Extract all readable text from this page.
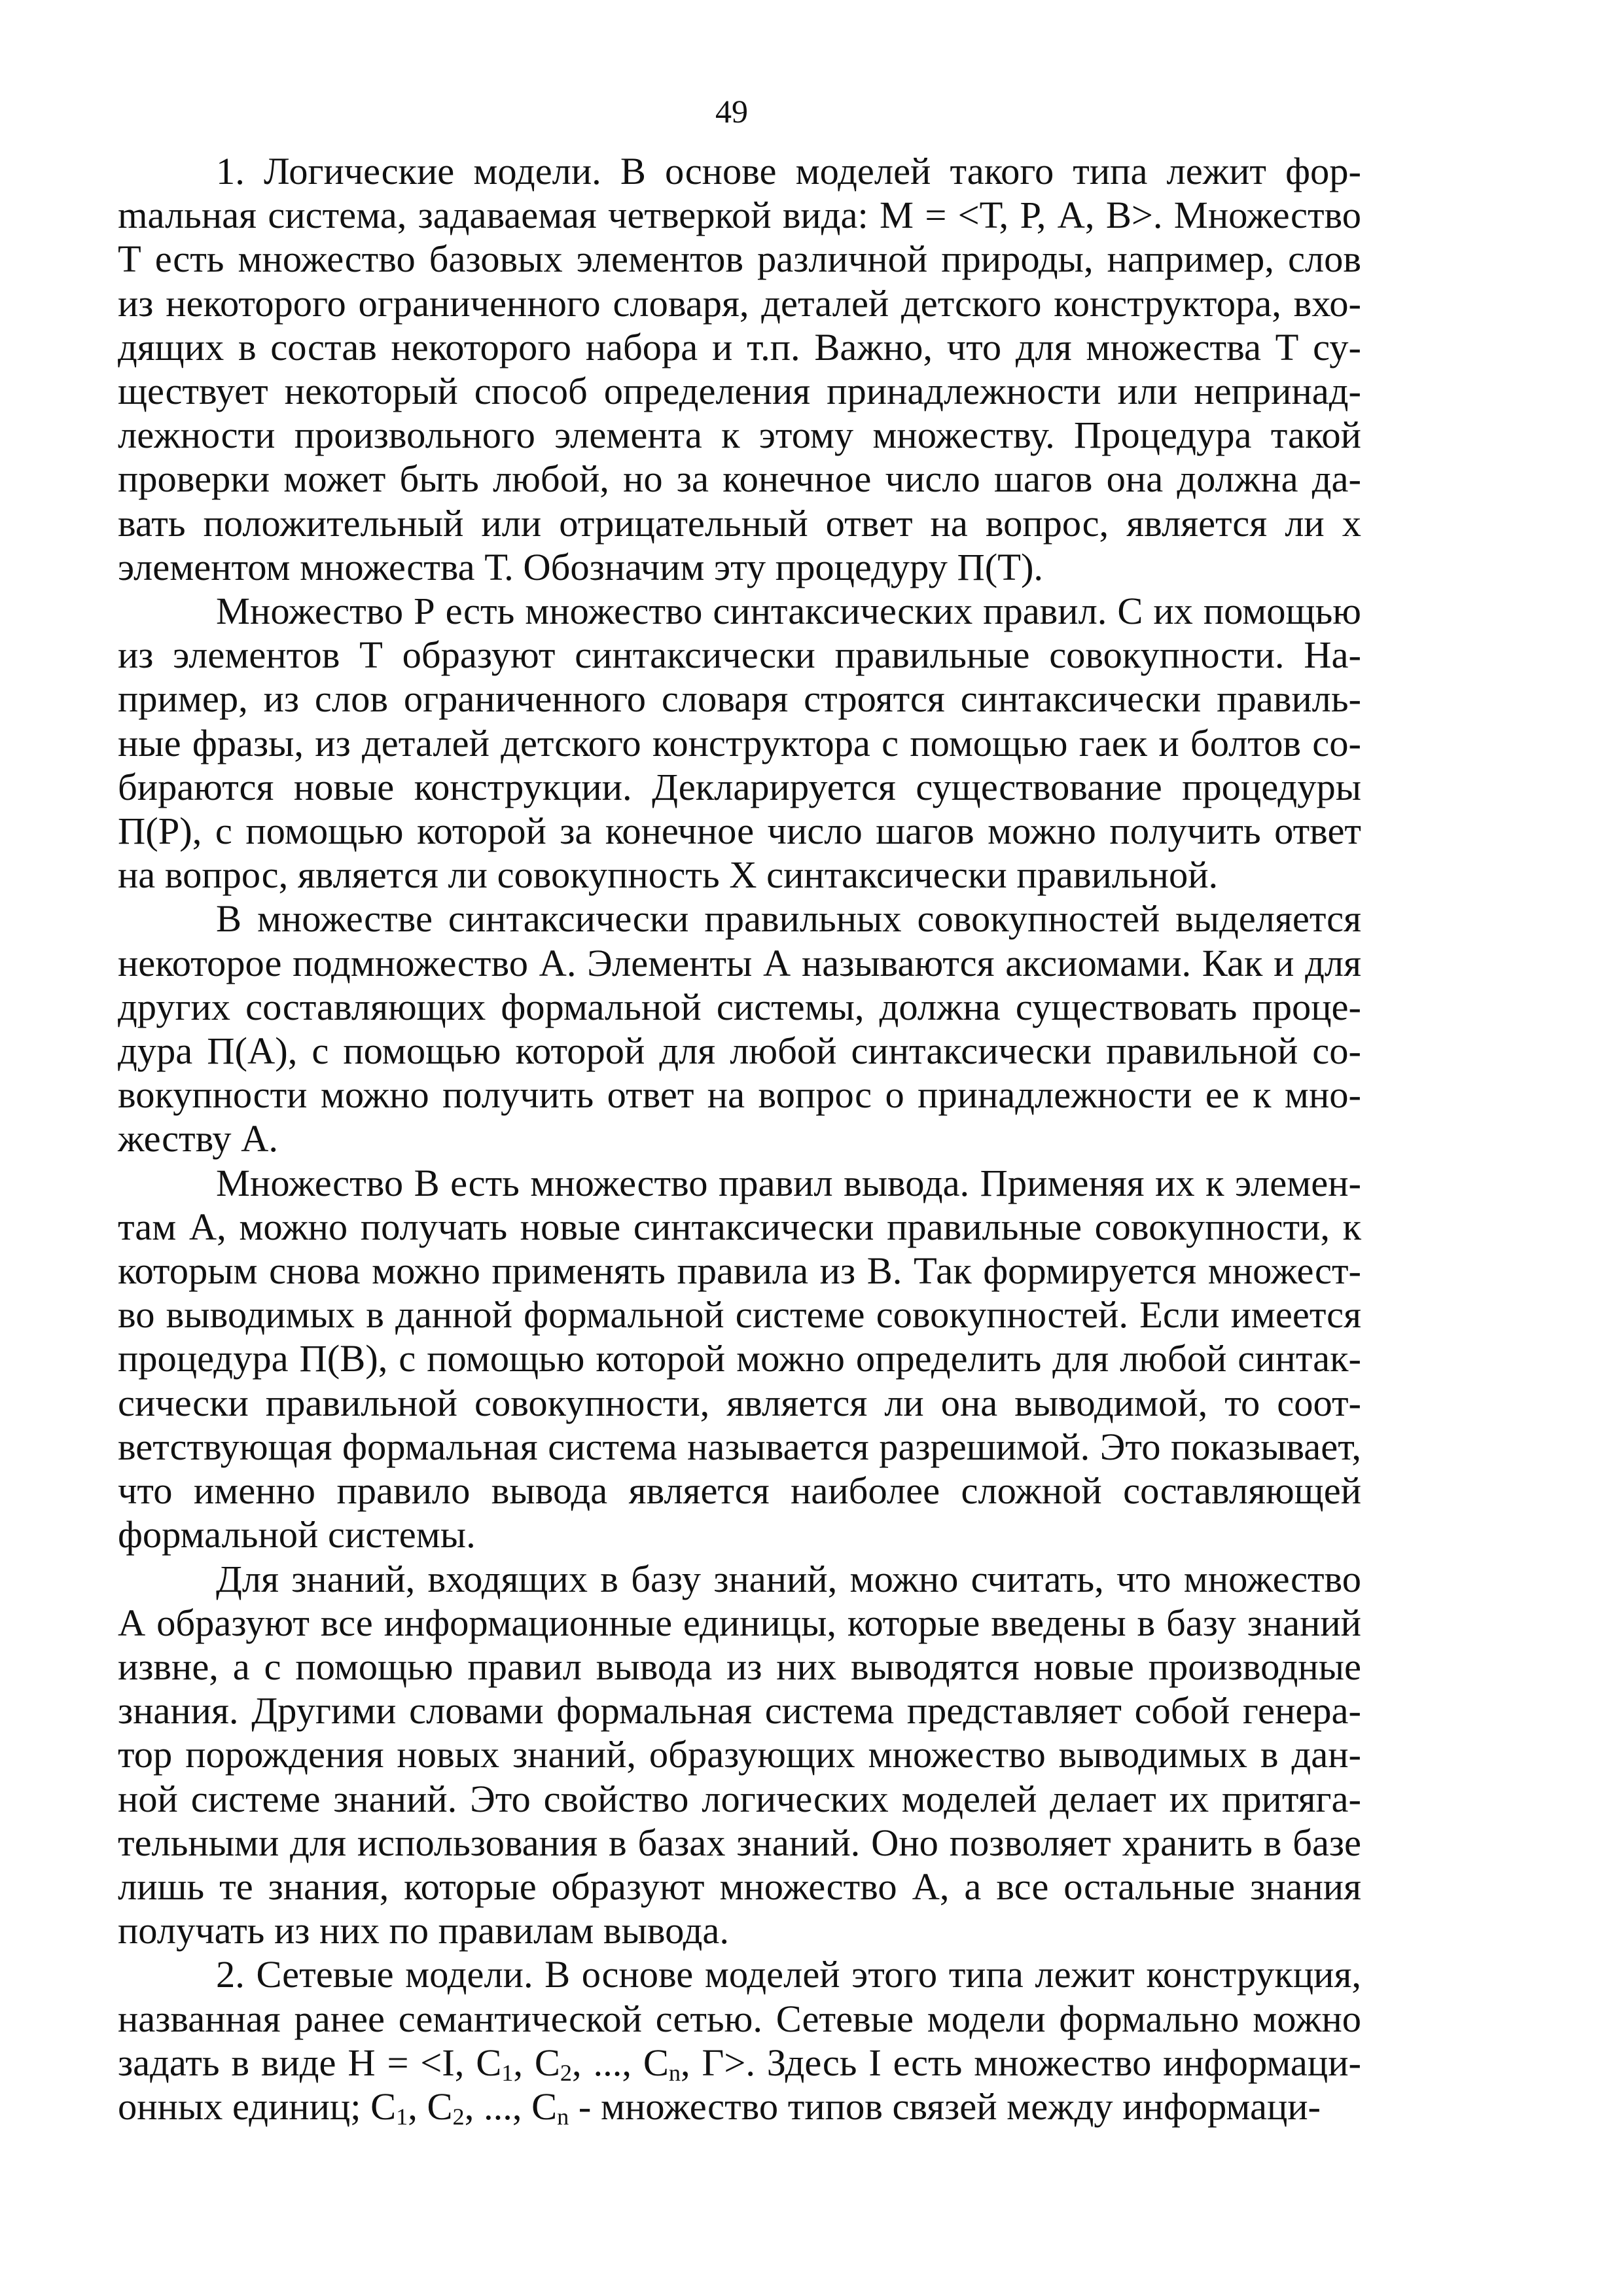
49

1. Логические модели. В основе моделей такого типа лежит форmальная система, задаваемая четверкой вида: М = <Т, Р, А, В>. Множество Т есть множество базовых элементов различной природы, например, слов из некоторого ограниченного словаря, деталей детского конструктора, входящих в состав некоторого набора и т.п. Важно, что для множества Т существует некоторый способ определения принадлежности или непринадлежности произвольного элемента к этому множеству. Процедура такой проверки может быть любой, но за конечное число шагов она должна давать положительный или отрицательный ответ на вопрос, является ли х элементом множества Т. Обозначим эту процедуру П(Т).

Множество Р есть множество синтаксических правил. С их помощью из элементов Т образуют синтаксически правильные совокупности. Например, из слов ограниченного словаря строятся синтаксически правильные фразы, из деталей детского конструктора с помощью гаек и болтов собираются новые конструкции. Декларируется существование процедуры П(Р), с помощью которой за конечное число шагов можно получить ответ на вопрос, является ли совокупность Х синтаксически правильной.

В множестве синтаксически правильных совокупностей выделяется некоторое подмножество А. Элементы А называются аксиомами. Как и для других составляющих формальной системы, должна существовать процедура П(А), с помощью которой для любой синтаксически правильной совокупности можно получить ответ на вопрос о принадлежности ее к множеству А.

Множество В есть множество правил вывода. Применяя их к элементам А, можно получать новые синтаксически правильные совокупности, к которым снова можно применять правила из В. Так формируется множество выводимых в данной формальной системе совокупностей. Если имеется процедура П(В), с помощью которой можно определить для любой синтаксически правильной совокупности, является ли она выводимой, то соответствующая формальная система называется разрешимой. Это показывает, что именно правило вывода является наиболее сложной составляющей формальной системы.

Для знаний, входящих в базу знаний, можно считать, что множество А образуют все информационные единицы, которые введены в базу знаний извне, а с помощью правил вывода из них выводятся новые производные знания. Другими словами формальная система представляет собой генератор порождения новых знаний, образующих множество выводимых в данной системе знаний. Это свойство логических моделей делает их притягательными для использования в базах знаний. Оно позволяет хранить в базе лишь те знания, которые образуют множество А, а все остальные знания получать из них по правилам вывода.

2. Сетевые модели. В основе моделей этого типа лежит конструкция, названная ранее семантической сетью. Сетевые модели формально можно задать в виде Н = <I, $С_1$, $С_2$, ..., $С_n$, Г>. Здесь I есть множество информационных единиц; $С_1$, $С_2$, ..., $С_n$ - множество типов связей между информаци-
